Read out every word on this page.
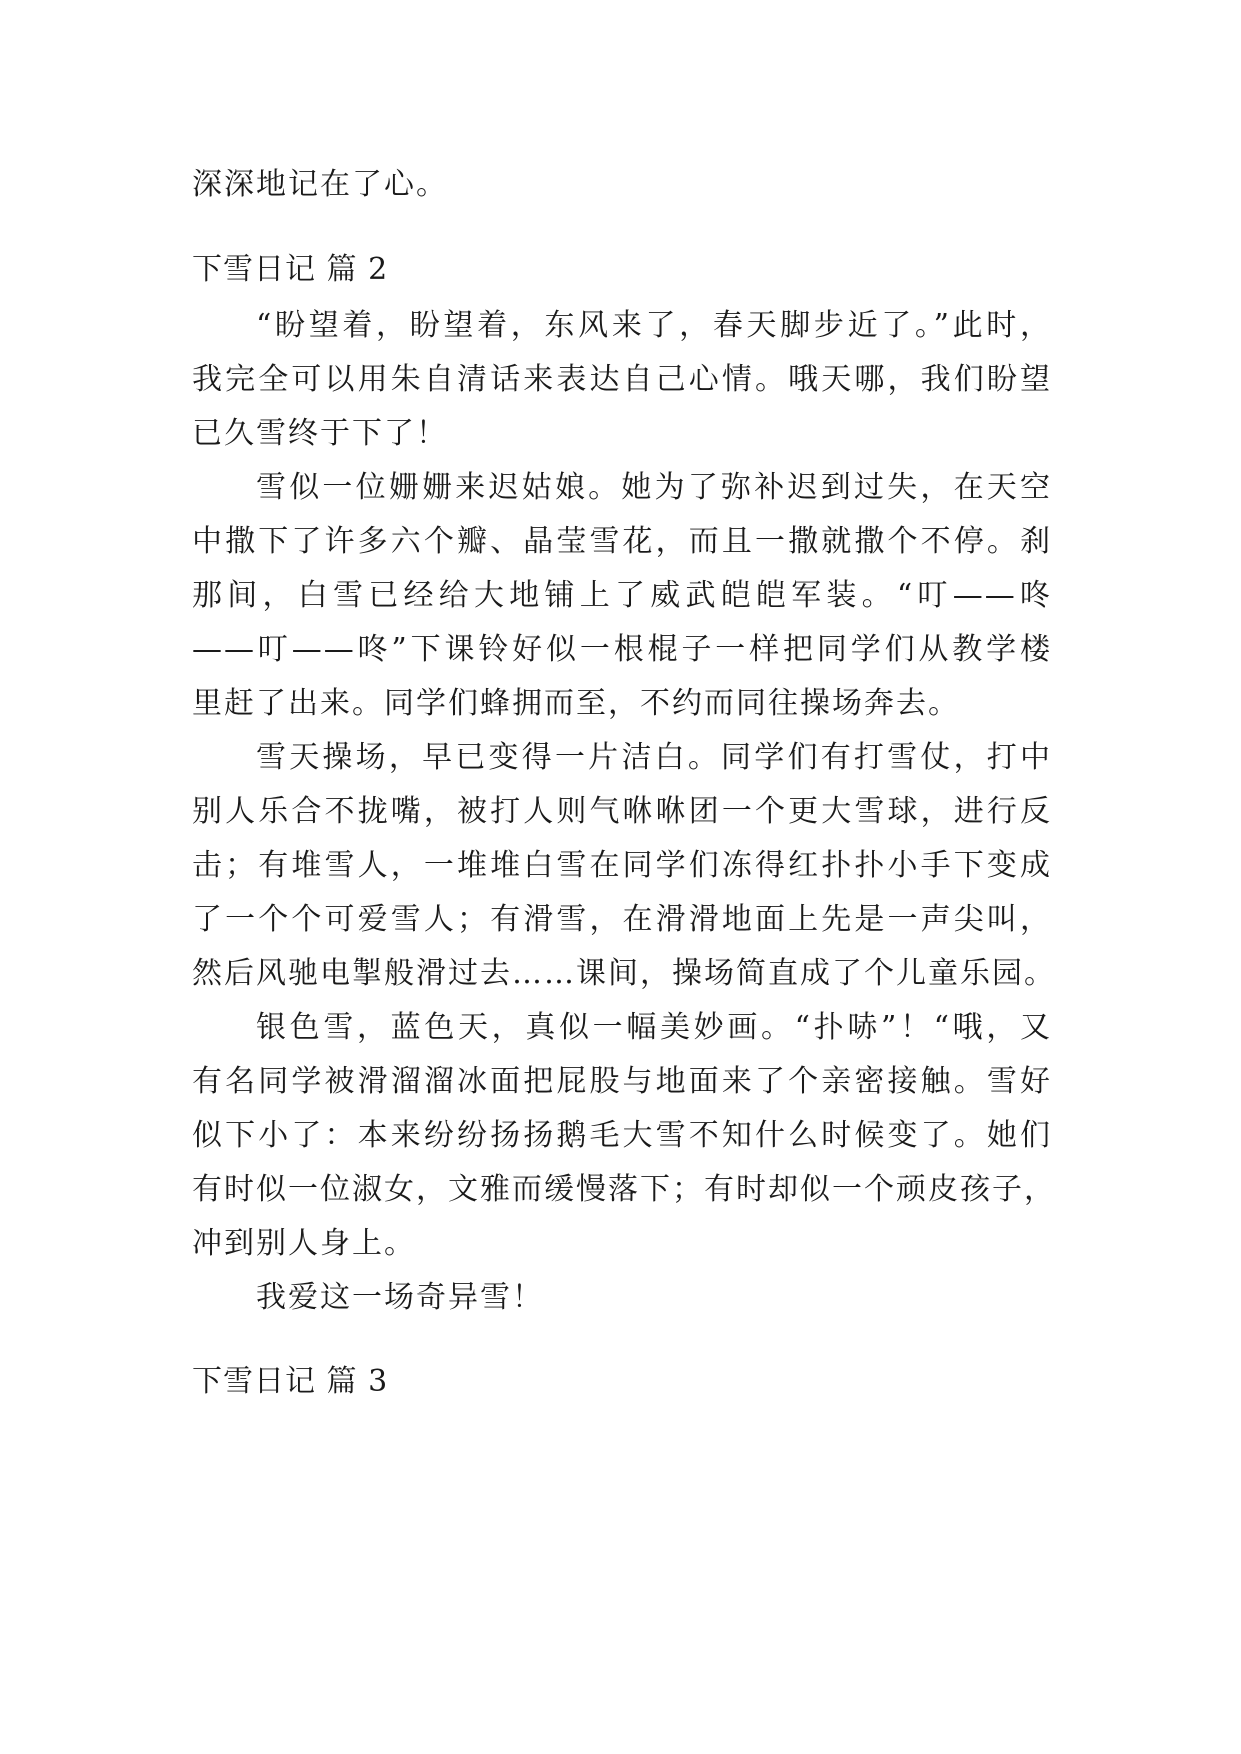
深深地记在了心。
下雪日记 篇 2
“盼望着，盼望着，东风来了，春天脚步近了。”此时，
我完全可以用朱自清话来表达自己心情。哦天哪，我们盼望
已久雪终于下了！
雪似一位姗姗来迟姑娘。她为了弥补迟到过失，在天空
中撒下了许多六个瓣、晶莹雪花，而且一撒就撒个不停。刹
那间，白雪已经给大地铺上了威武皑皑军装。“叮——咚
——叮——咚”下课铃好似一根棍子一样把同学们从教学楼
里赶了出来。同学们蜂拥而至，不约而同往操场奔去。
雪天操场，早已变得一片洁白。同学们有打雪仗，打中
别人乐合不拢嘴，被打人则气咻咻团一个更大雪球，进行反
击；有堆雪人，一堆堆白雪在同学们冻得红扑扑小手下变成
了一个个可爱雪人；有滑雪，在滑滑地面上先是一声尖叫，
然后风驰电掣般滑过去……课间，操场简直成了个儿童乐园。
银色雪，蓝色天，真似一幅美妙画。“扑哧”！“哦，又
有名同学被滑溜溜冰面把屁股与地面来了个亲密接触。雪好
似下小了：本来纷纷扬扬鹅毛大雪不知什么时候变了。她们
有时似一位淑女，文雅而缓慢落下；有时却似一个顽皮孩子，
冲到别人身上。
我爱这一场奇异雪！
下雪日记 篇 3
